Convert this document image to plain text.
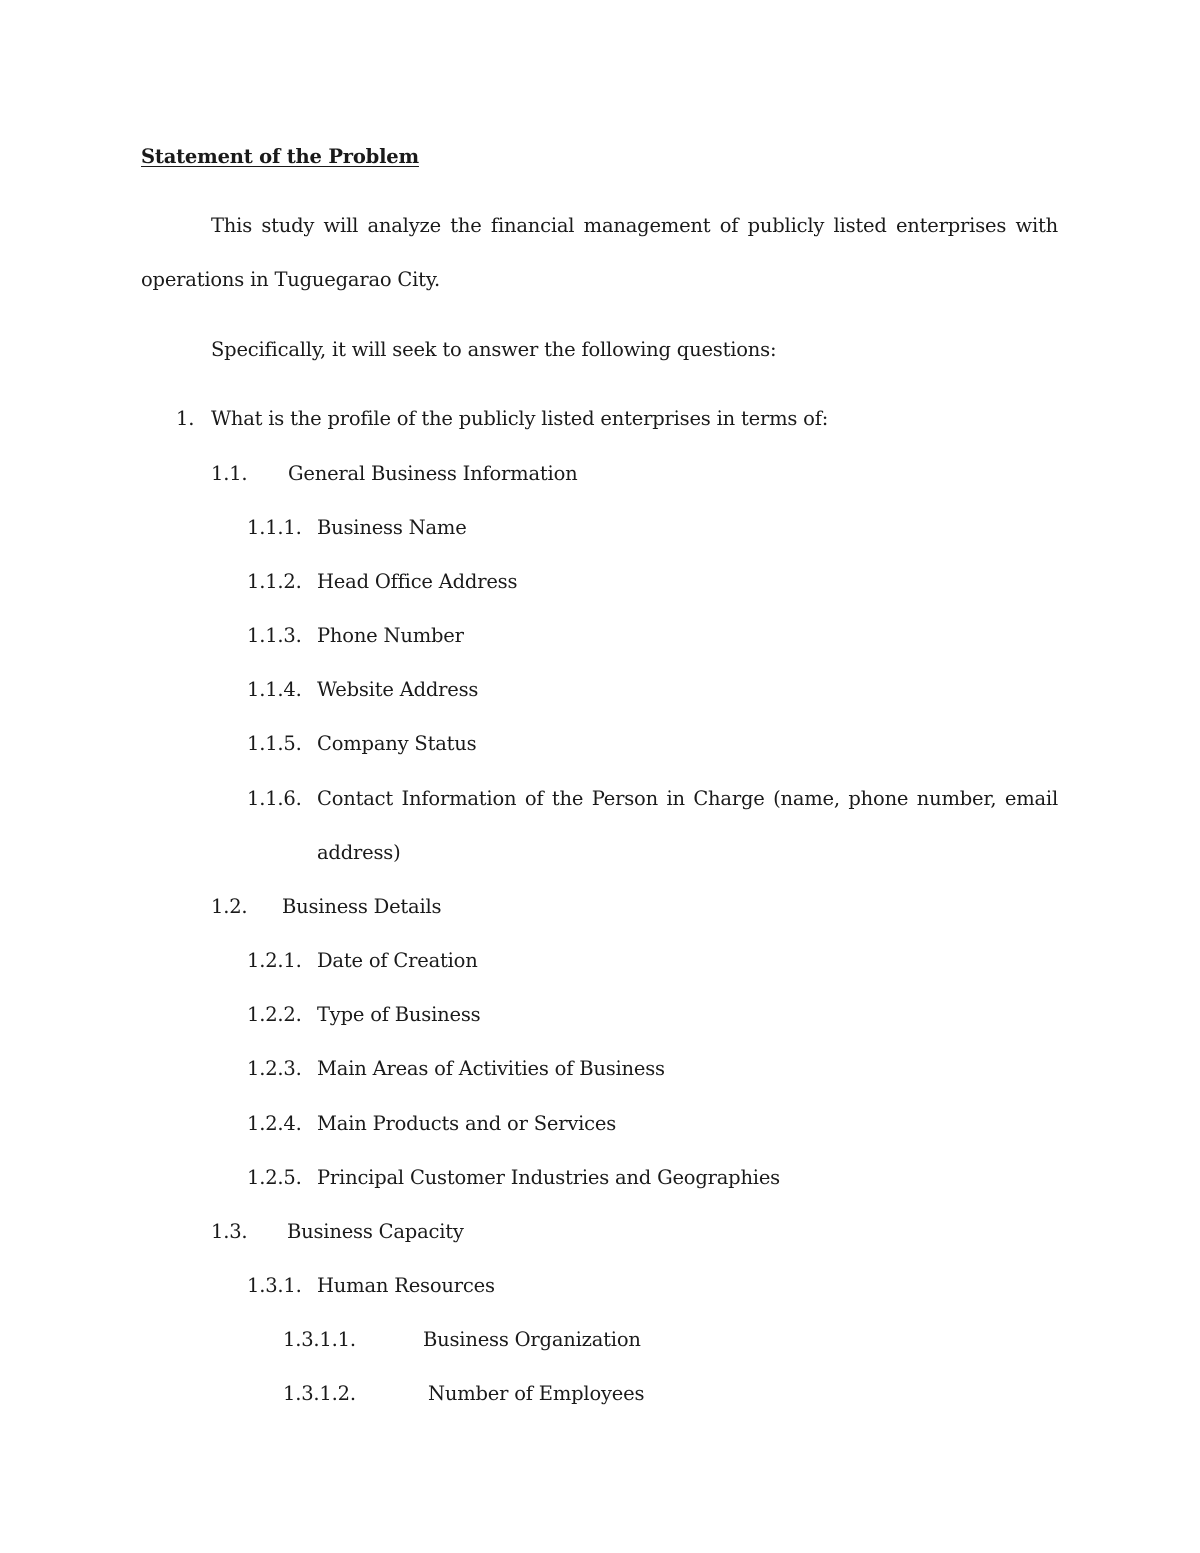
Statement of the Problem
This study will analyze the financial management of publicly listed enterprises with
operations in Tuguegarao City.
Specifically, it will seek to answer the following questions:
1. What is the profile of the publicly listed enterprises in terms of:
1.1. General Business Information
1.1.1. Business Name
1.1.2. Head Office Address
1.1.3. Phone Number
1.1.4. Website Address
1.1.5. Company Status
1.1.6. Contact Information of the Person in Charge (name, phone number, email
address)
1.2. Business Details
1.2.1. Date of Creation
1.2.2. Type of Business
1.2.3. Main Areas of Activities of Business
1.2.4. Main Products and or Services
1.2.5. Principal Customer Industries and Geographies
1.3. Business Capacity
1.3.1. Human Resources
1.3.1.1.	Business Organization
1.3.1.2.	Number of Employees
